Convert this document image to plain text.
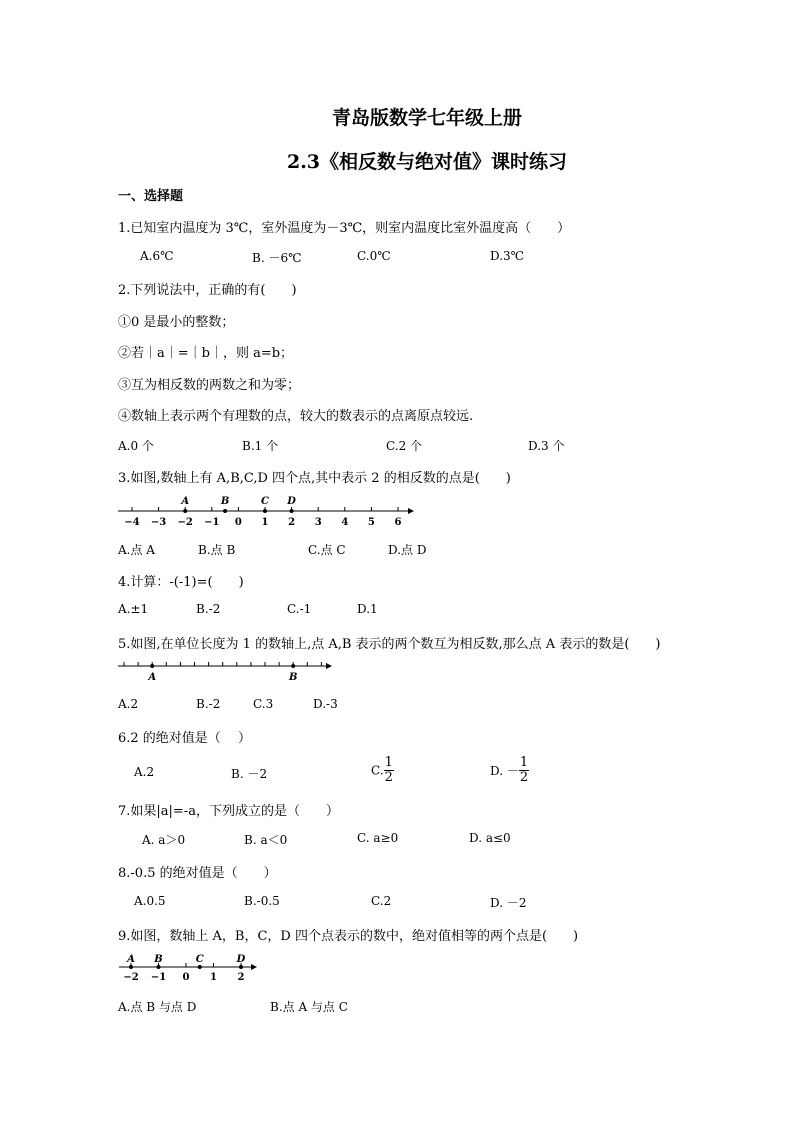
青岛版数学七年级上册
2.3《相反数与绝对值》课时练习
一、选择题
1.已知室内温度为 3℃，室外温度为－3℃，则室内温度比室外温度高（　　）
A.6℃	B. －6℃	C.0℃	D.3℃
2.下列说法中，正确的有(　　)
①0 是最小的整数；
②若｜a｜=｜b｜，则 a=b；
③互为相反数的两数之和为零；
④数轴上表示两个有理数的点，较大的数表示的点离原点较远.
A.0 个	B.1 个	C.2 个	D.3 个
3.如图,数轴上有 A,B,C,D 四个点,其中表示 2 的相反数的点是(　　)
−4 −3 −2 −1 0 1 2 3 4 5 6
A	B	C D
A.点 A	B.点 B	C.点 C	D.点 D
4.计算：-(-1)=(　　)
A.±1	B.-2	C.-1	D.1
5.如图,在单位长度为 1 的数轴上,点 A,B 表示的两个数互为相反数,那么点 A 表示的数是(　　)
A	B
A.2	B.-2	C.3	D.-3
6.2 的绝对值是（　 ）
A.2	B. －2	C. $\frac{1}{2}$	D. － $\frac{1}{2}$
7.如果|a|=-a，下列成立的是（　　）
A. a＞0	B. a＜0	C. a≥0	D. a≤0
8.-0.5 的绝对值是（　　）
A.0.5	B.-0.5	C.2	D. －2
9.如图，数轴上 A，B，C，D 四个点表示的数中，绝对值相等的两个点是(　　)
−2 −1 0 1 2
A B	C	D
A.点 B 与点 D	B.点 A 与点 C
